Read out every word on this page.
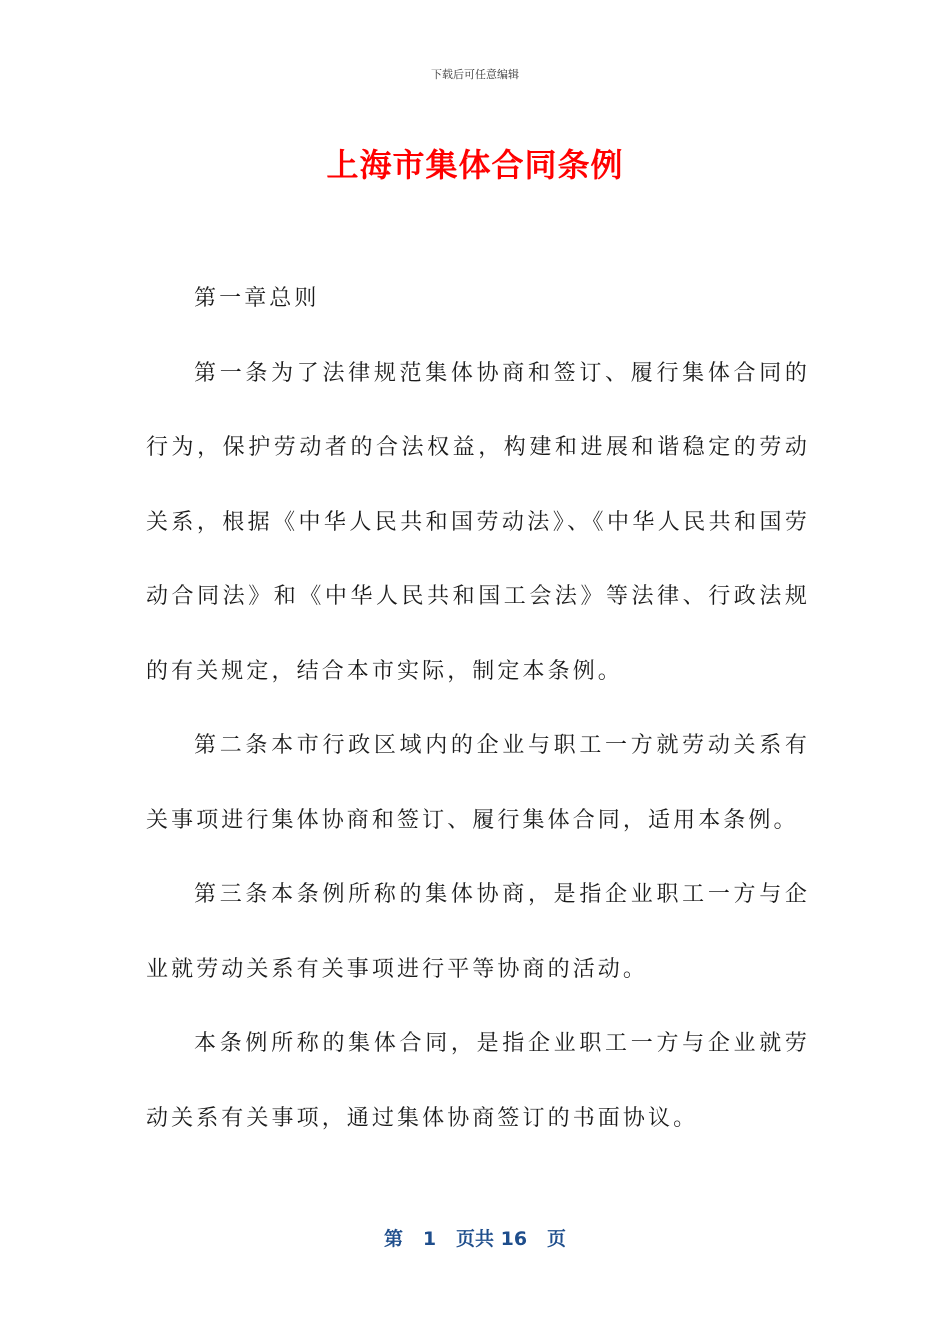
下载后可任意编辑
上海市集体合同条例

第一章总则

第一条为了法律规范集体协商和签订、履行集体合同的行为，保护劳动者的合法权益，构建和进展和谐稳定的劳动关系，根据《中华人民共和国劳动法》、《中华人民共和国劳动合同法》和《中华人民共和国工会法》等法律、行政法规的有关规定，结合本市实际，制定本条例。

第二条本市行政区域内的企业与职工一方就劳动关系有关事项进行集体协商和签订、履行集体合同，适用本条例。

第三条本条例所称的集体协商，是指企业职工一方与企业就劳动关系有关事项进行平等协商的活动。

本条例所称的集体合同，是指企业职工一方与企业就劳动关系有关事项，通过集体协商签订的书面协议。

第 1 页共 16 页
